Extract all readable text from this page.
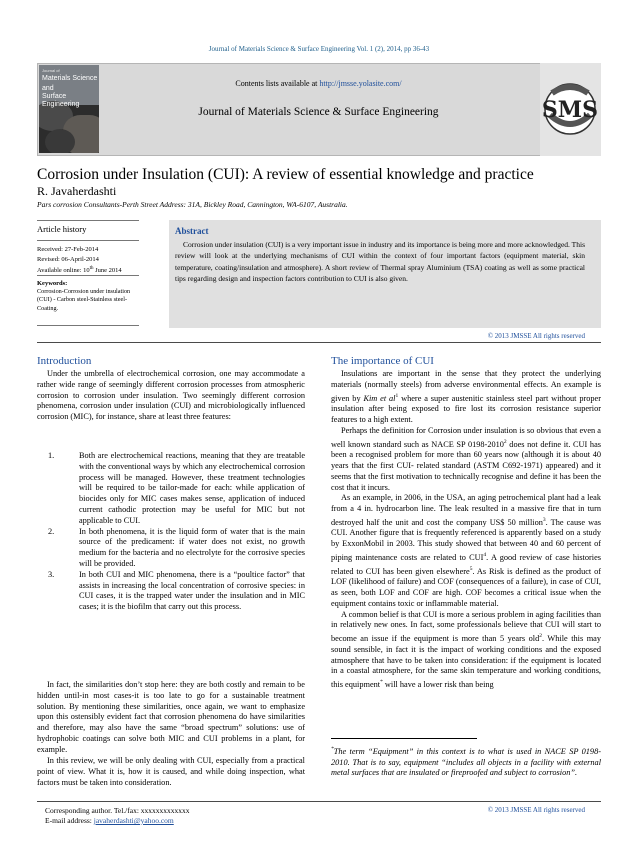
Journal of Materials Science & Surface Engineering Vol. 1 (2), 2014, pp 36-43
Journal of
Materials Science
and
Surface Engineering
Contents lists available at http://jmsse.yolasite.com/
Journal of Materials Science & Surface Engineering	SMS
Corrosion under Insulation (CUI): A review of essential knowledge and practice
R. Javaherdashti
Pars corrosion Consultants-Perth Street Address: 31A, Bickley Road, Cannington, WA-6107, Australia.
Article history
Received: 27-Feb-2014
Revised: 06-April-2014
Available online: 10th June 2014
Keywords:
Corrosion-Corrosion under insulation (CUI) - Carbon steel-Stainless steel-Coating.
Abstract
Corrosion under insulation (CUI) is a very important issue in industry and its importance is being more and more acknowledged. This review will look at the underlying mechanisms of CUI within the context of four important factors (equipment material, skin temperature, coating/insulation and atmosphere). A short review of Thermal spray Aluminium (TSA) coating as well as some practical tips regarding design and inspection factors contribution to CUI is also given.
© 2013 JMSSE All rights reserved
Introduction

Under the umbrella of electrochemical corrosion, one may accommodate a rather wide range of seemingly different corrosion processes from atmospheric corrosion to corrosion under insulation. Two seemingly different corrosion phenomena, corrosion under insulation (CUI) and microbiologically influenced corrosion (MIC), for instance, share at least three features:

1.	Both are electrochemical reactions, meaning that they are treatable with the conventional ways by which any electrochemical corrosion process will be managed. However, these treatment technologies will be required to be tailor-made for each: while application of biocides only for MIC cases makes sense, application of induced current cathodic protection may be useful for MIC but not applicable to CUI.
2.	In both phenomena, it is the liquid form of water that is the main source of the predicament: if water does not exist, no growth medium for the bacteria and no electrolyte for the corrosive species will be provided.
3.	In both CUI and MIC phenomena, there is a “poultice factor” that assists in increasing the local concentration of corrosive species: in CUI cases, it is the trapped water under the insulation and in MIC cases; it is the biofilm that carry out this process.

In fact, the similarities don’t stop here: they are both costly and remain to be hidden until-in most cases-it is too late to go for a sustainable treatment solution. By mentioning these similarities, once again, we want to emphasize upon this ostensibly evident fact that corrosion phenomena do have similarities and therefore, may also have the same “broad spectrum” solutions: use of hydrophobic coatings can solve both MIC and CUI problems in a plant, for example.

In this review, we will be only dealing with CUI, especially from a practical point of view. What it is, how it is caused, and while doing inspection, what factors must be taken into consideration.

The importance of CUI

Insulations are important in the sense that they protect the underlying materials (normally steels) from adverse environmental effects. An example is given by Kim et $al^1$ where a super austenitic stainless steel part without proper insulation after being exposed to fire lost its corrosion resistance superior features to a high extent.

Perhaps the definition for Corrosion under insulation is so obvious that even a well known standard such as NACE SP 0198-2010$^2$ does not define it. CUI has been a recognised problem for more than 60 years now (although it is about 40 years that the first CUI- related standard (ASTM C692-1971) appeared) and it seems that the first motivation to technically recognise and define it has been the cost that it incurs.

As an example, in 2006, in the USA, an aging petrochemical plant had a leak from a 4 in. hydrocarbon line. The leak resulted in a massive fire that in turn destroyed half the unit and cost the company US$ 50 million$^3$. The cause was CUI. Another figure that is frequently referenced is apparently based on a study by ExxonMobil in 2003. This study showed that between 40 and 60 percent of piping maintenance costs are related to CUI$^4$. A good review of case histories related to CUI has been given elsewhere$^5$. As Risk is defined as the product of LOF (likelihood of failure) and COF (consequences of a failure), in case of CUI, as seen, both LOF and COF are high. COF becomes a critical issue when the equipment contains toxic or inflammable material.

A common belief is that CUI is more a serious problem in aging facilities than in relatively new ones. In fact, some professionals believe that CUI will start to become an issue if the equipment is more than 5 years old$^2$. While this may sound sensible, in fact it is the impact of working conditions and the exposed atmosphere that have to be taken into consideration: if the equipment is located in a coastal atmosphere, for the same skin temperature and working conditions, this equipment* will have a lower risk than being

*The term “Equipment” in this context is to what is used in NACE SP 0198-2010. That is to say, equipment “includes all objects in a facility with external metal surfaces that are insulated or fireproofed and subject to corrosion”.
Corresponding author. Tel./fax: xxxxxxxxxxxxx
E-mail address: javaherdashti@yahoo.com
© 2013 JMSSE All rights reserved
